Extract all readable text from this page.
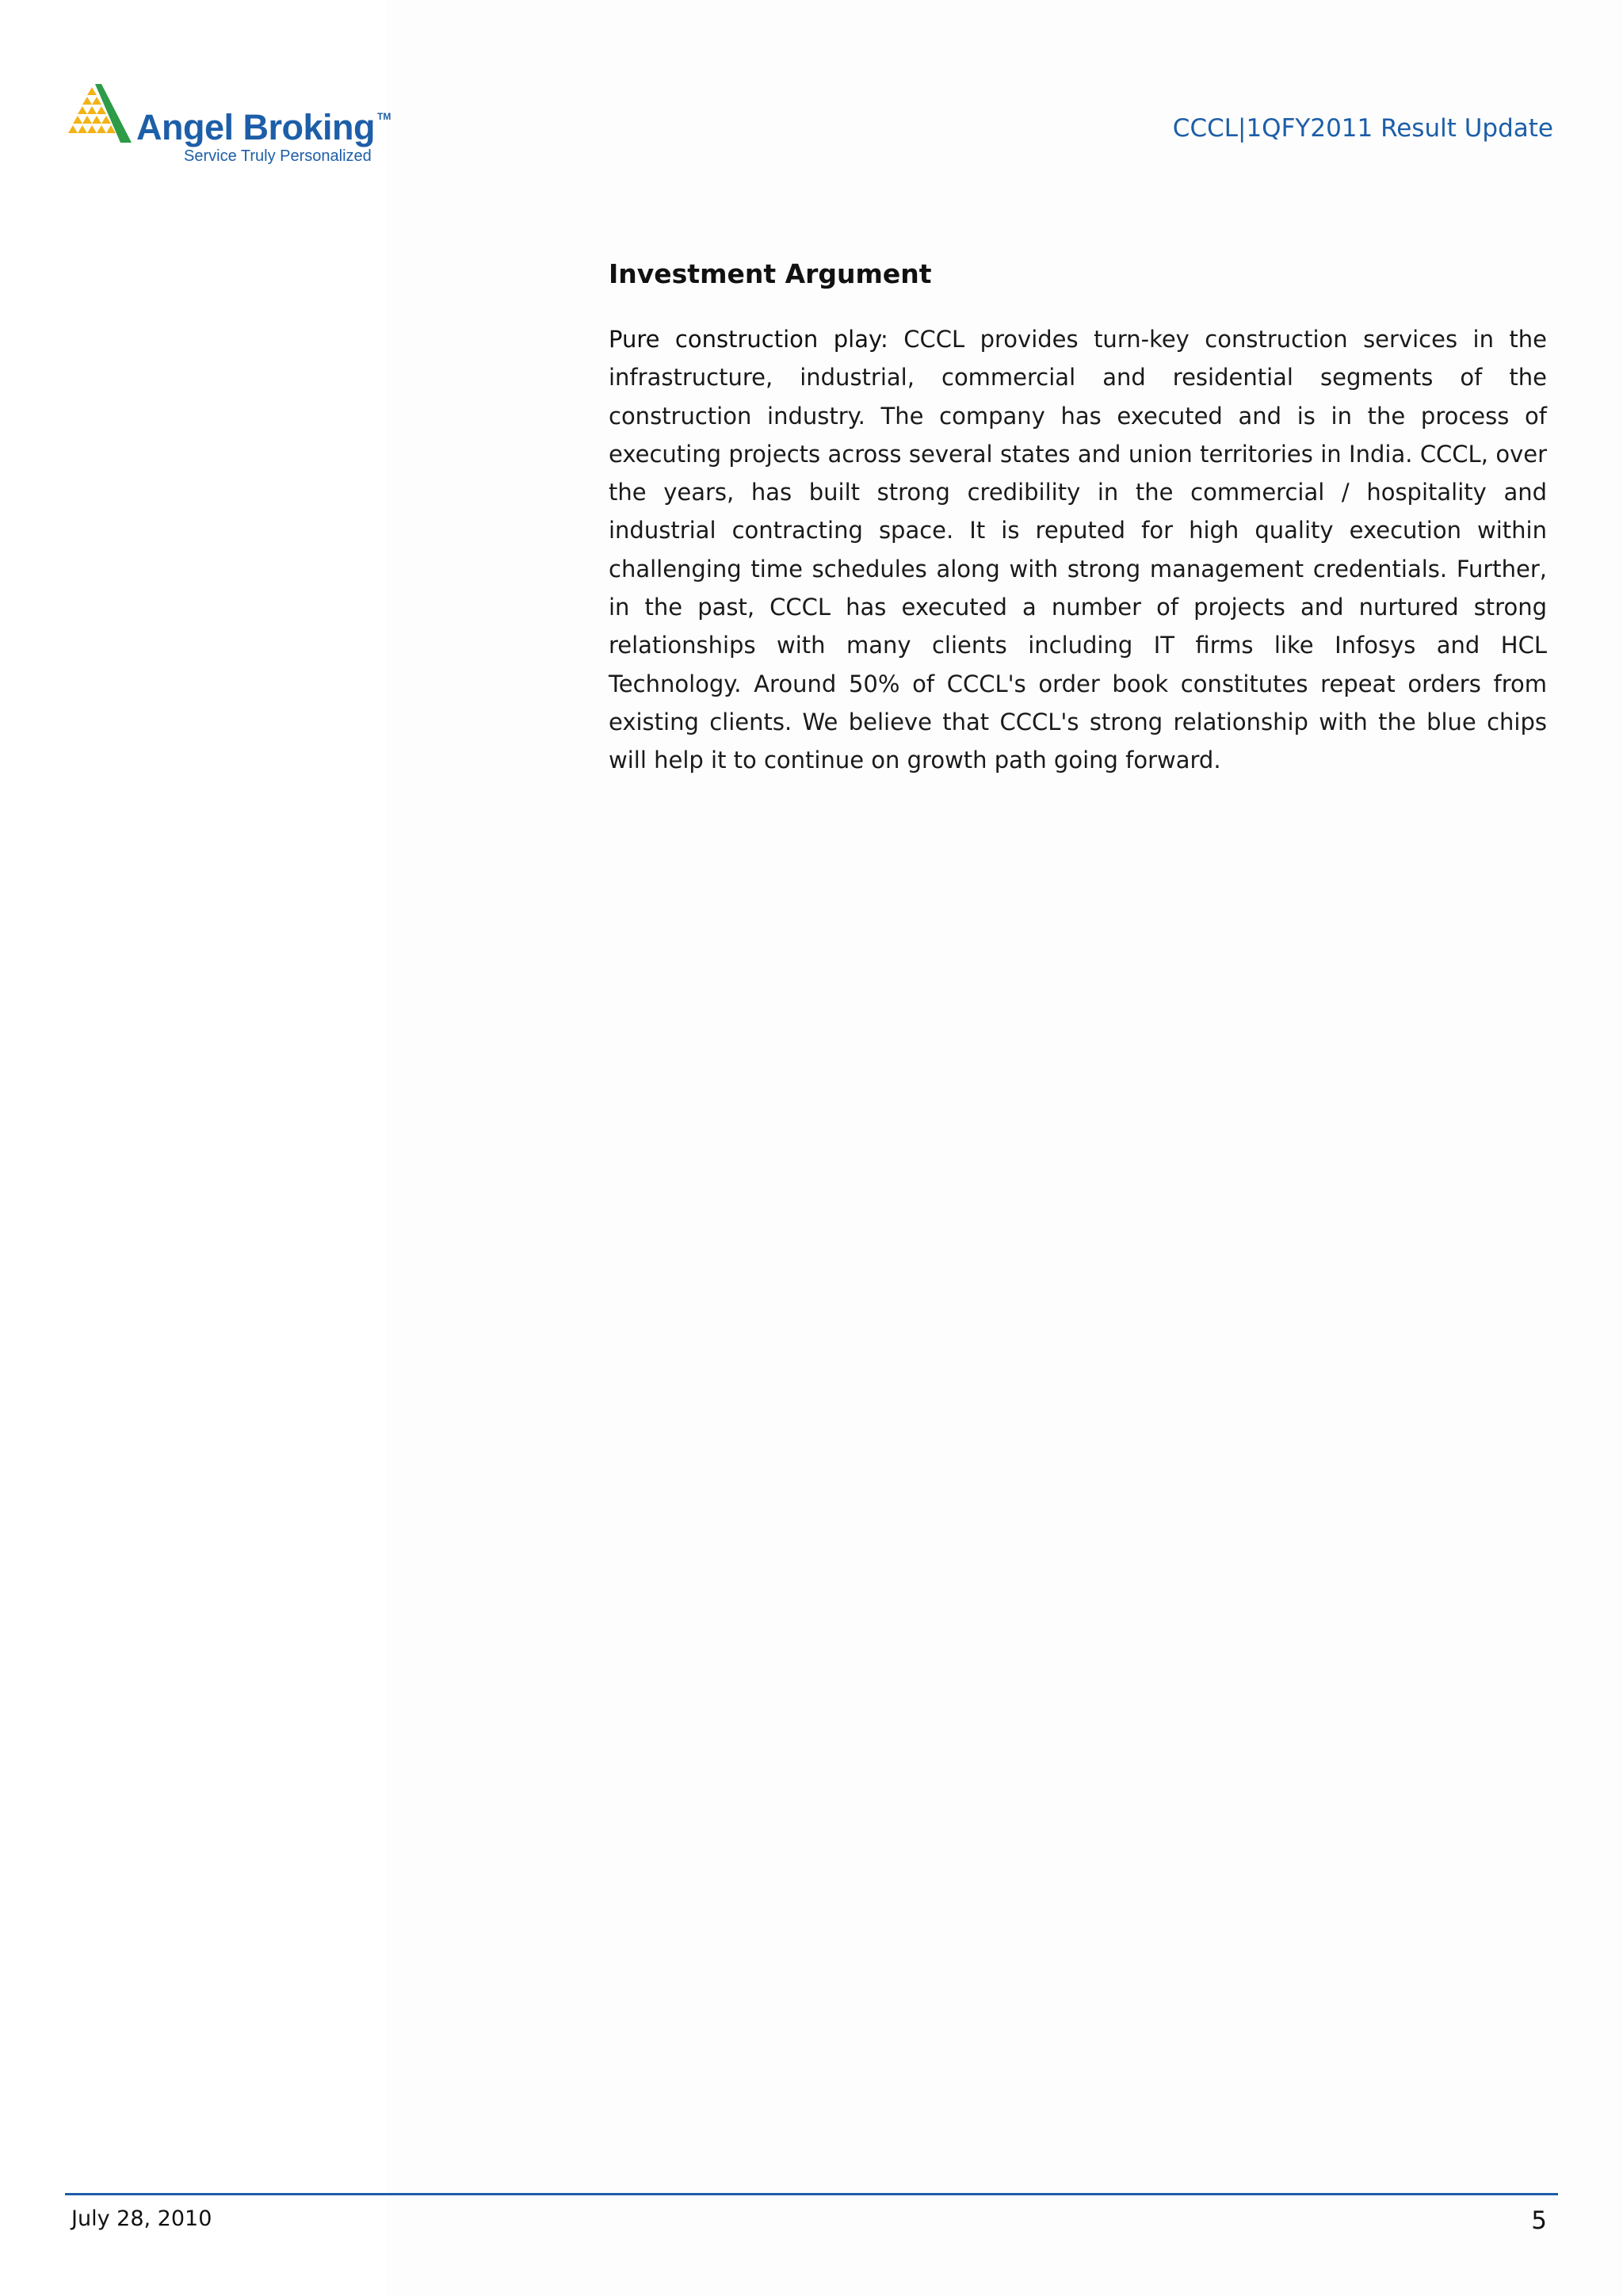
Angel Broking TM
Service Truly Personalized
CCCL|1QFY2011 Result Update
Investment Argument

Pure construction play: CCCL provides turn-key construction services in the infrastructure, industrial, commercial and residential segments of the construction industry. The company has executed and is in the process of executing projects across several states and union territories in India. CCCL, over the years, has built strong credibility in the commercial / hospitality and industrial contracting space. It is reputed for high quality execution within challenging time schedules along with strong management credentials. Further, in the past, CCCL has executed a number of projects and nurtured strong relationships with many clients including IT firms like Infosys and HCL Technology. Around 50% of CCCL's order book constitutes repeat orders from existing clients. We believe that CCCL's strong relationship with the blue chips will help it to continue on growth path going forward.

July 28, 2010	5
